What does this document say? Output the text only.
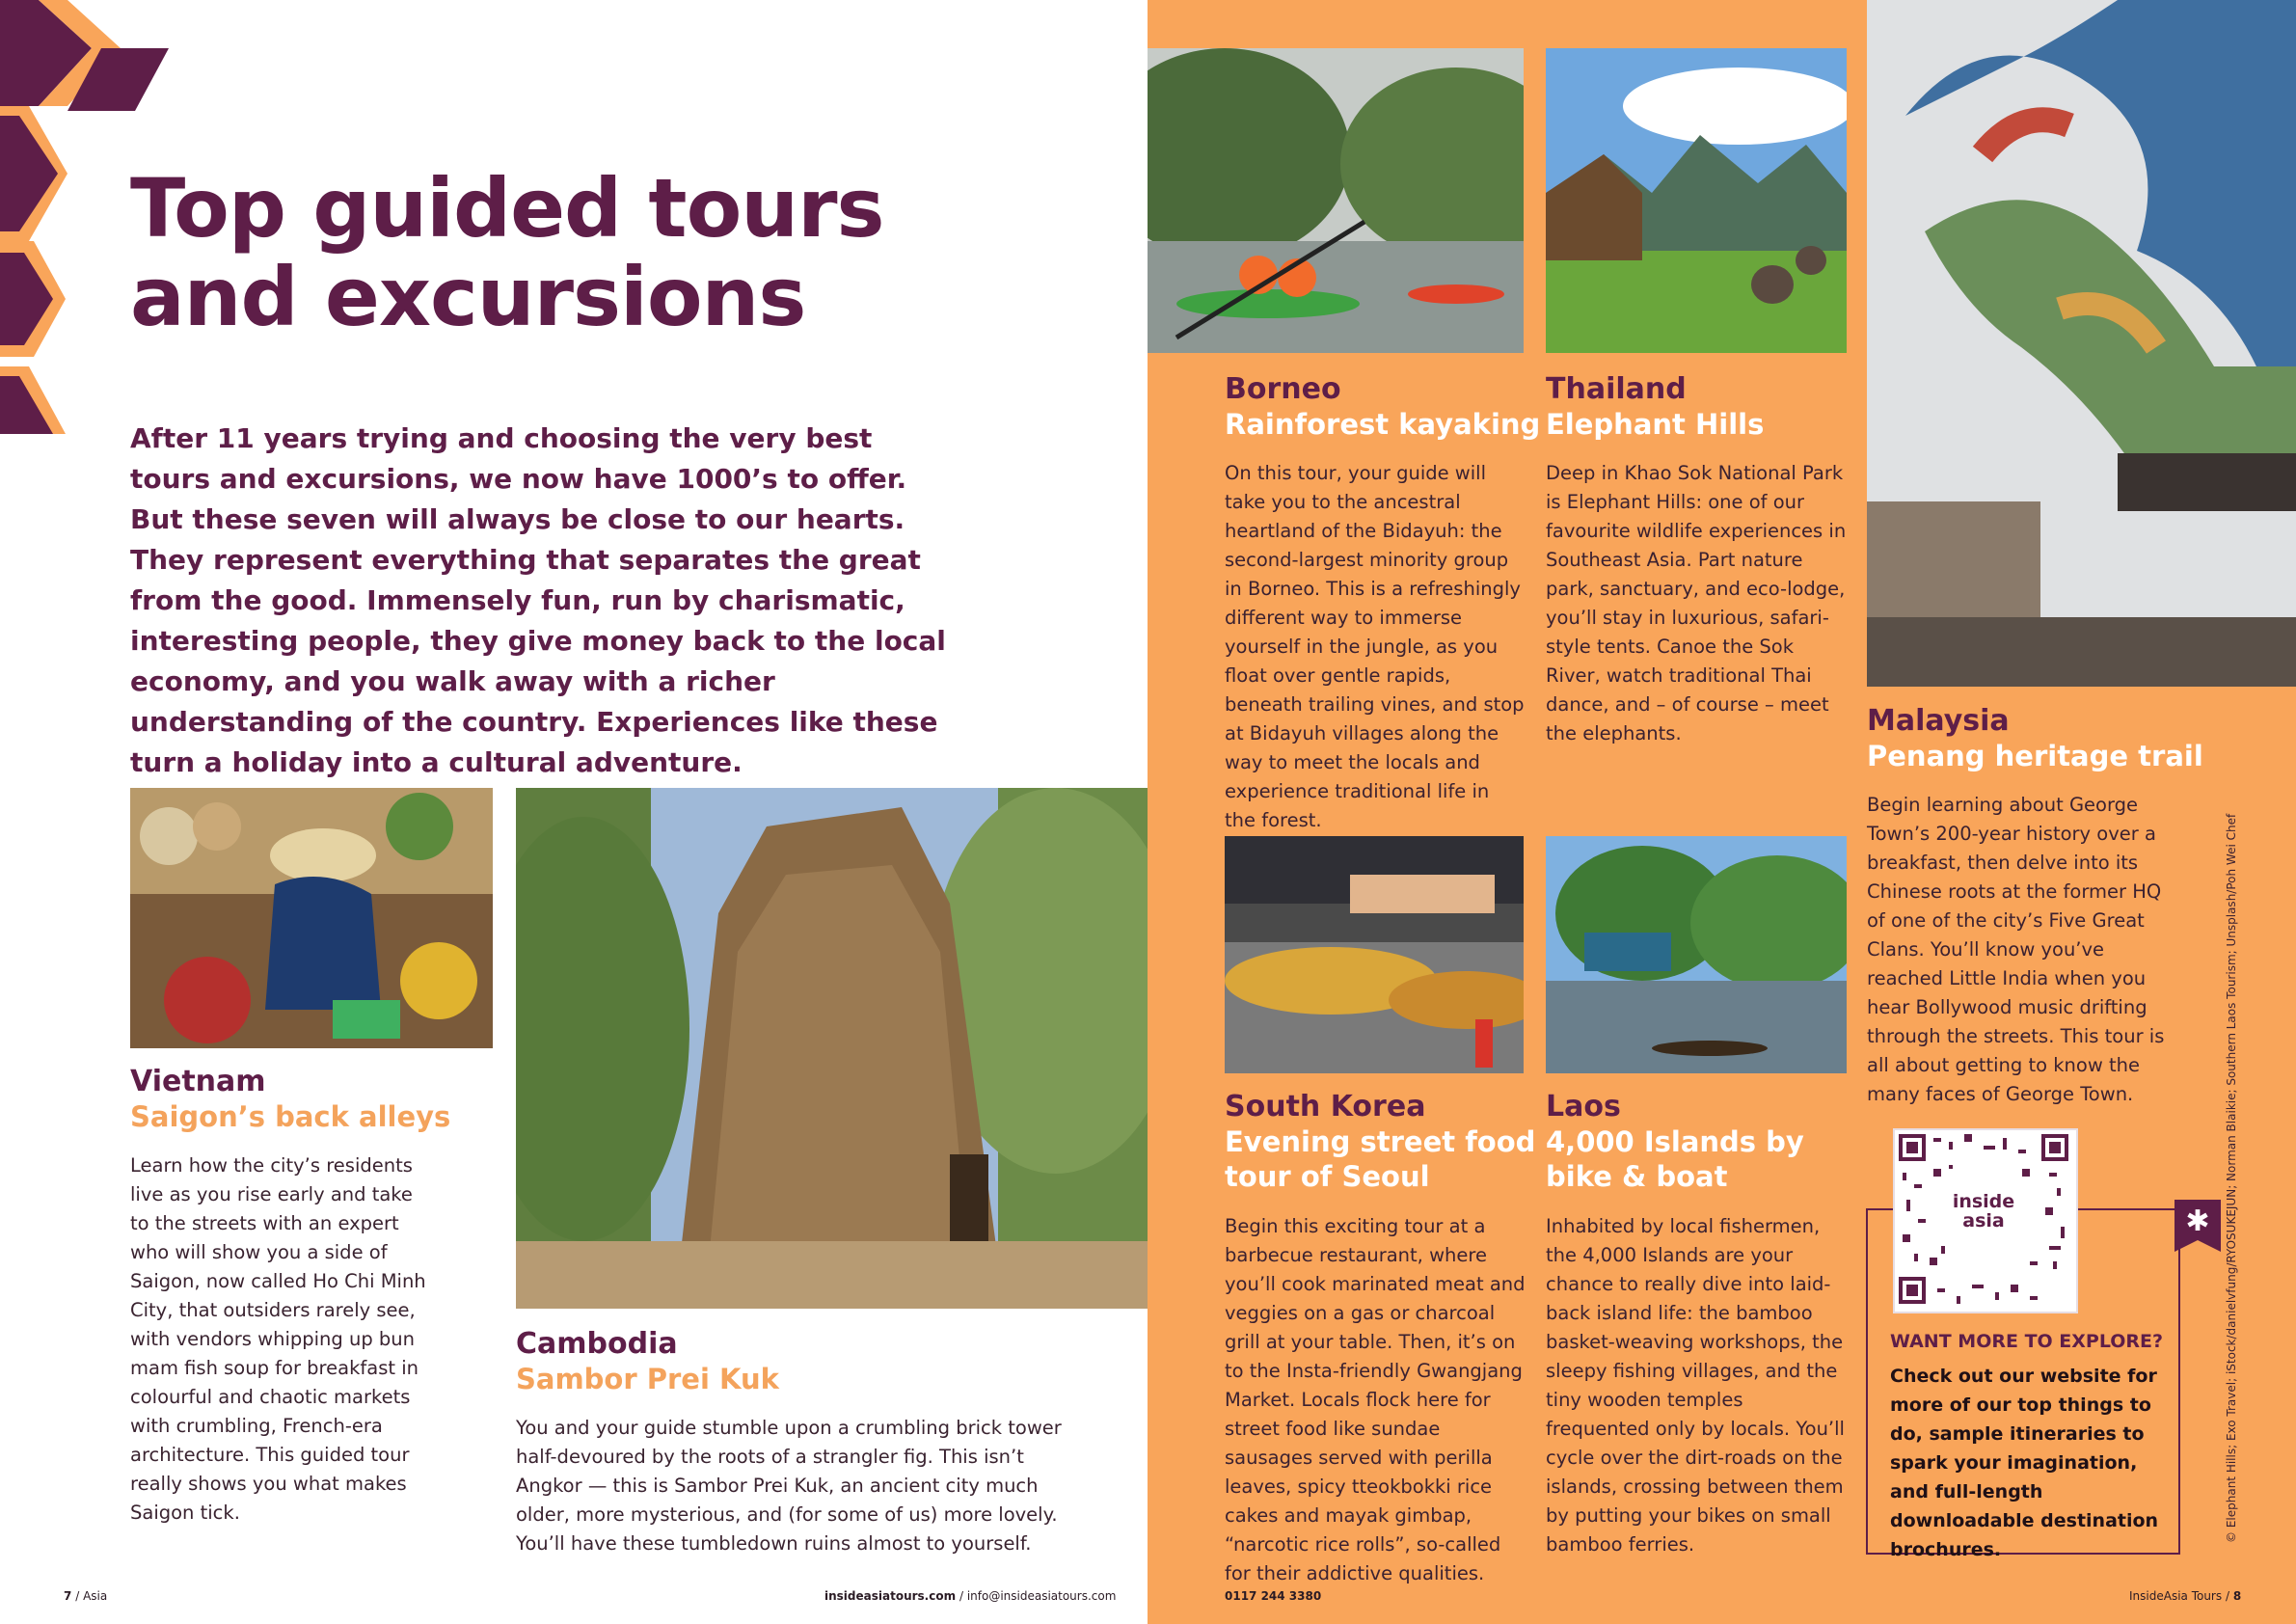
Top guided tours
and excursions

After 11 years trying and choosing the very best tours and excursions, we now have 1000’s to offer. But these seven will always be close to our hearts. They represent everything that separates the great from the good. Immensely fun, run by charismatic, interesting people, they give money back to the local economy, and you walk away with a richer understanding of the country. Experiences like these turn a holiday into a cultural adventure.

Vietnam
Saigon’s back alleys

Learn how the city’s residents live as you rise early and take to the streets with an expert who will show you a side of Saigon, now called Ho Chi Minh City, that outsiders rarely see, with vendors whipping up bun mam fish soup for breakfast in colourful and chaotic markets with crumbling, French-era architecture. This guided tour really shows you what makes Saigon tick.

Cambodia
Sambor Prei Kuk

You and your guide stumble upon a crumbling brick tower half-devoured by the roots of a strangler fig. This isn’t Angkor — this is Sambor Prei Kuk, an ancient city much older, more mysterious, and (for some of us) more lovely. You’ll have these tumbledown ruins almost to yourself.

Borneo
Rainforest kayaking

On this tour, your guide will take you to the ancestral heartland of the Bidayuh: the second-largest minority group in Borneo. This is a refreshingly different way to immerse yourself in the jungle, as you float over gentle rapids, beneath trailing vines, and stop at Bidayuh villages along the way to meet the locals and experience traditional life in the forest.

Thailand
Elephant Hills

Deep in Khao Sok National Park is Elephant Hills: one of our favourite wildlife experiences in Southeast Asia. Part nature park, sanctuary, and eco-lodge, you’ll stay in luxurious, safari-style tents. Canoe the Sok River, watch traditional Thai dance, and – of course – meet the elephants.	Malaysia
Penang heritage trail

Begin learning about George Town’s 200-year history over a breakfast, then delve into its Chinese roots at the former HQ of one of the city’s Five Great Clans. You’ll know you’ve reached Little India when you hear Bollywood music drifting through the streets. This tour is all about getting to know the many faces of George Town.

South Korea
Evening street food
tour of Seoul

Begin this exciting tour at a barbecue restaurant, where you’ll cook marinated meat and veggies on a gas or charcoal grill at your table. Then, it’s on to the Insta-friendly Gwangjang Market. Locals flock here for street food like sundae sausages served with perilla leaves, spicy tteokbokki rice cakes and mayak gimbap, “narcotic rice rolls”, so-called for their addictive qualities.

Laos
4,000 Islands by
bike & boat

Inhabited by local fishermen, the 4,000 Islands are your chance to really dive into laid-back island life: the bamboo basket-weaving workshops, the sleepy fishing villages, and the tiny wooden temples frequented only by locals. You’ll cycle over the dirt-roads on the islands, crossing between them by putting your bikes on small bamboo ferries.

inside
asia	✱
WANT MORE TO EXPLORE?

Check out our website for more of our top things to do, sample itineraries to spark your imagination, and full-length downloadable destination brochures.

© Elephant Hills; Exo Travel; iStock/danielvfung/RYOSUKEJUN; Norman Blaikie; Southern Laos Tourism; Unsplash/Poh Wei Chef
7 / Asia	insideasiatours.com / info@insideasiatours.com	0117 244 3380	InsideAsia Tours / 8
